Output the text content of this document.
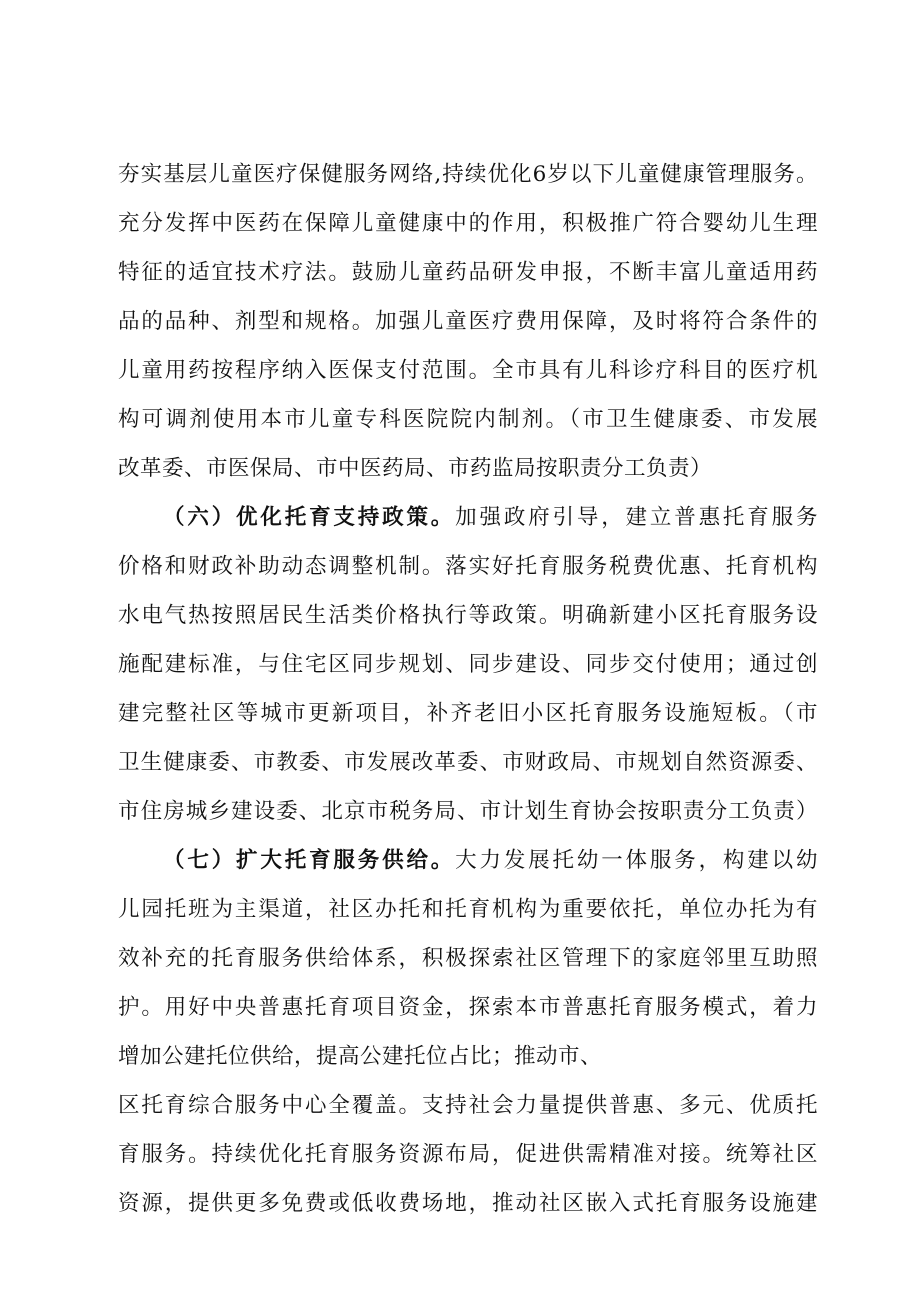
夯实基层儿童医疗保健服务网络,持续优化6岁以下儿童健康管理服务。
充分发挥中医药在保障儿童健康中的作用，积极推广符合婴幼儿生理
特征的适宜技术疗法。鼓励儿童药品研发申报，不断丰富儿童适用药
品的品种、剂型和规格。加强儿童医疗费用保障，及时将符合条件的
儿童用药按程序纳入医保支付范围。全市具有儿科诊疗科目的医疗机
构可调剂使用本市儿童专科医院院内制剂。（市卫生健康委、市发展
改革委、市医保局、市中医药局、市药监局按职责分工负责）
（六）优化托育支持政策。加强政府引导，建立普惠托育服务
价格和财政补助动态调整机制。落实好托育服务税费优惠、托育机构
水电气热按照居民生活类价格执行等政策。明确新建小区托育服务设
施配建标准，与住宅区同步规划、同步建设、同步交付使用；通过创
建完整社区等城市更新项目，补齐老旧小区托育服务设施短板。（市
卫生健康委、市教委、市发展改革委、市财政局、市规划自然资源委、
市住房城乡建设委、北京市税务局、市计划生育协会按职责分工负责）
（七）扩大托育服务供给。大力发展托幼一体服务，构建以幼
儿园托班为主渠道，社区办托和托育机构为重要依托，单位办托为有
效补充的托育服务供给体系，积极探索社区管理下的家庭邻里互助照
护。用好中央普惠托育项目资金，探索本市普惠托育服务模式，着力
增加公建托位供给，提高公建托位占比；推动市、
区托育综合服务中心全覆盖。支持社会力量提供普惠、多元、优质托
育服务。持续优化托育服务资源布局，促进供需精准对接。统筹社区
资源，提供更多免费或低收费场地，推动社区嵌入式托育服务设施建
